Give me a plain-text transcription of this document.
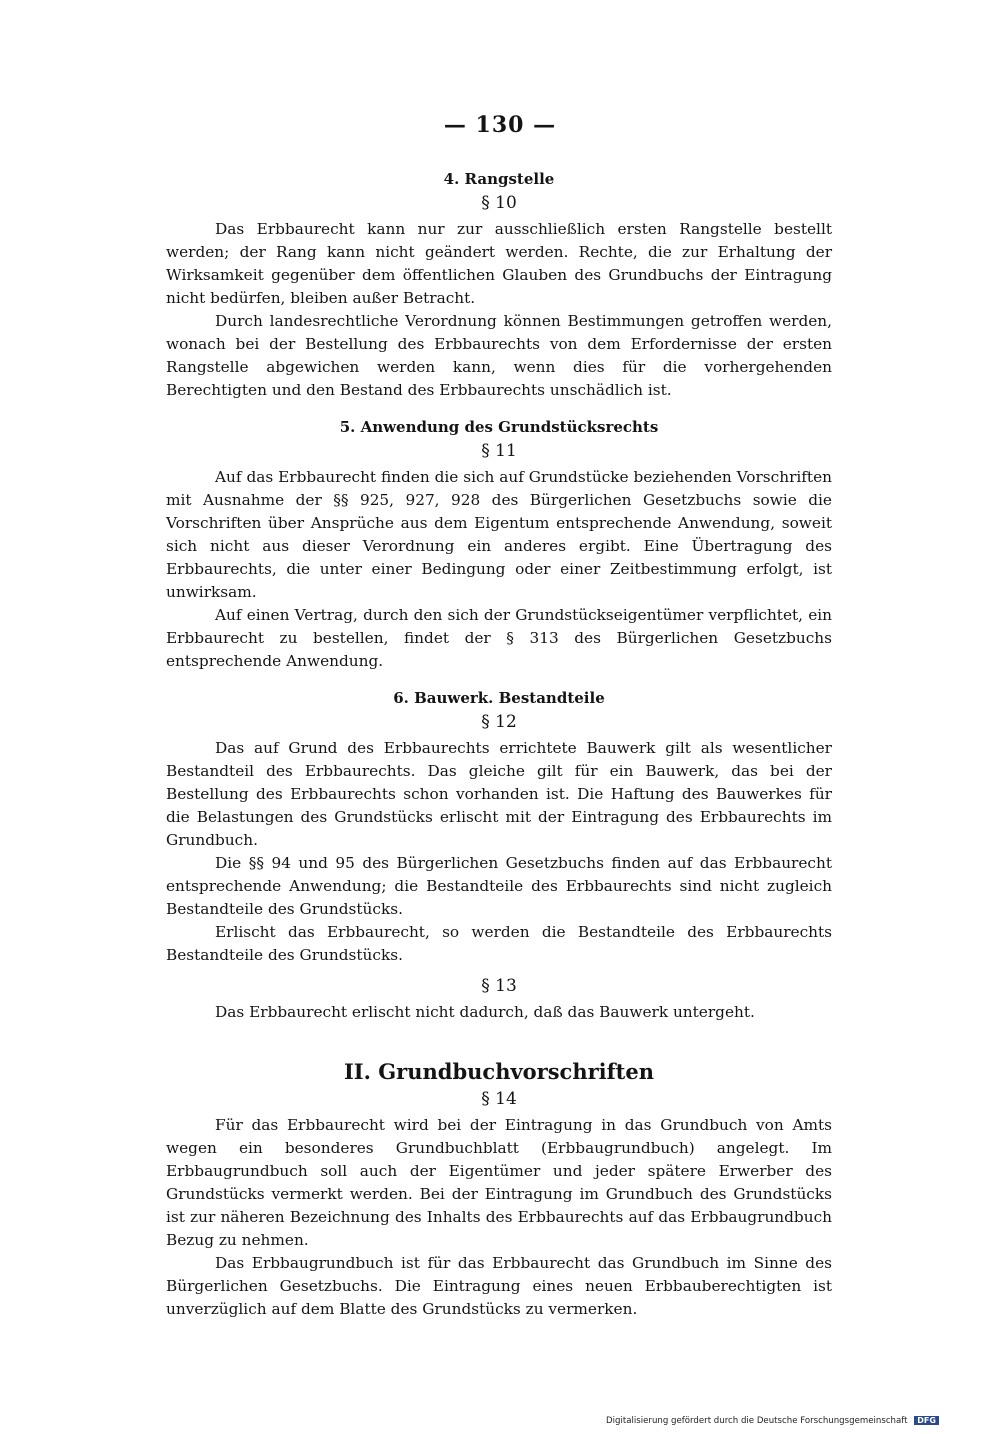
— 130 —
4. Rangstelle
§ 10

Das Erbbaurecht kann nur zur ausschließlich ersten Rangstelle bestellt werden; der Rang kann nicht geändert werden. Rechte, die zur Erhaltung der Wirksamkeit gegenüber dem öffentlichen Glauben des Grundbuchs der Eintragung nicht bedürfen, bleiben außer Betracht.

Durch landesrechtliche Verordnung können Bestimmungen getroffen werden, wonach bei der Bestellung des Erbbaurechts von dem Erfordernisse der ersten Rangstelle abgewichen werden kann, wenn dies für die vorhergehenden Berechtigten und den Bestand des Erbbaurechts unschädlich ist.

5. Anwendung des Grundstücksrechts
§ 11

Auf das Erbbaurecht finden die sich auf Grundstücke beziehenden Vorschriften mit Ausnahme der §§ 925, 927, 928 des Bürgerlichen Gesetzbuchs sowie die Vorschriften über Ansprüche aus dem Eigentum entsprechende Anwendung, soweit sich nicht aus dieser Verordnung ein anderes ergibt. Eine Übertragung des Erbbaurechts, die unter einer Bedingung oder einer Zeitbestimmung erfolgt, ist unwirksam.

Auf einen Vertrag, durch den sich der Grundstückseigentümer verpflichtet, ein Erbbaurecht zu bestellen, findet der § 313 des Bürgerlichen Gesetzbuchs entsprechende Anwendung.

6. Bauwerk. Bestandteile
§ 12

Das auf Grund des Erbbaurechts errichtete Bauwerk gilt als wesentlicher Bestandteil des Erbbaurechts. Das gleiche gilt für ein Bauwerk, das bei der Bestellung des Erbbaurechts schon vorhanden ist. Die Haftung des Bauwerkes für die Belastungen des Grundstücks erlischt mit der Eintragung des Erbbaurechts im Grundbuch.

Die §§ 94 und 95 des Bürgerlichen Gesetzbuchs finden auf das Erbbaurecht entsprechende Anwendung; die Bestandteile des Erbbaurechts sind nicht zugleich Bestandteile des Grundstücks.

Erlischt das Erbbaurecht, so werden die Bestandteile des Erbbaurechts Bestandteile des Grundstücks.

§ 13

Das Erbbaurecht erlischt nicht dadurch, daß das Bauwerk untergeht.

II. Grundbuchvorschriften
§ 14

Für das Erbbaurecht wird bei der Eintragung in das Grundbuch von Amts wegen ein besonderes Grundbuchblatt (Erbbaugrundbuch) angelegt. Im Erbbaugrundbuch soll auch der Eigentümer und jeder spätere Erwerber des Grundstücks vermerkt werden. Bei der Eintragung im Grundbuch des Grundstücks ist zur näheren Bezeichnung des Inhalts des Erbbaurechts auf das Erbbaugrundbuch Bezug zu nehmen.

Das Erbbaugrundbuch ist für das Erbbaurecht das Grundbuch im Sinne des Bürgerlichen Gesetzbuchs. Die Eintragung eines neuen Erbbauberechtigten ist unverzüglich auf dem Blatte des Grundstücks zu vermerken.

Digitalisierung gefördert durch die Deutsche Forschungsgemeinschaft DFG
